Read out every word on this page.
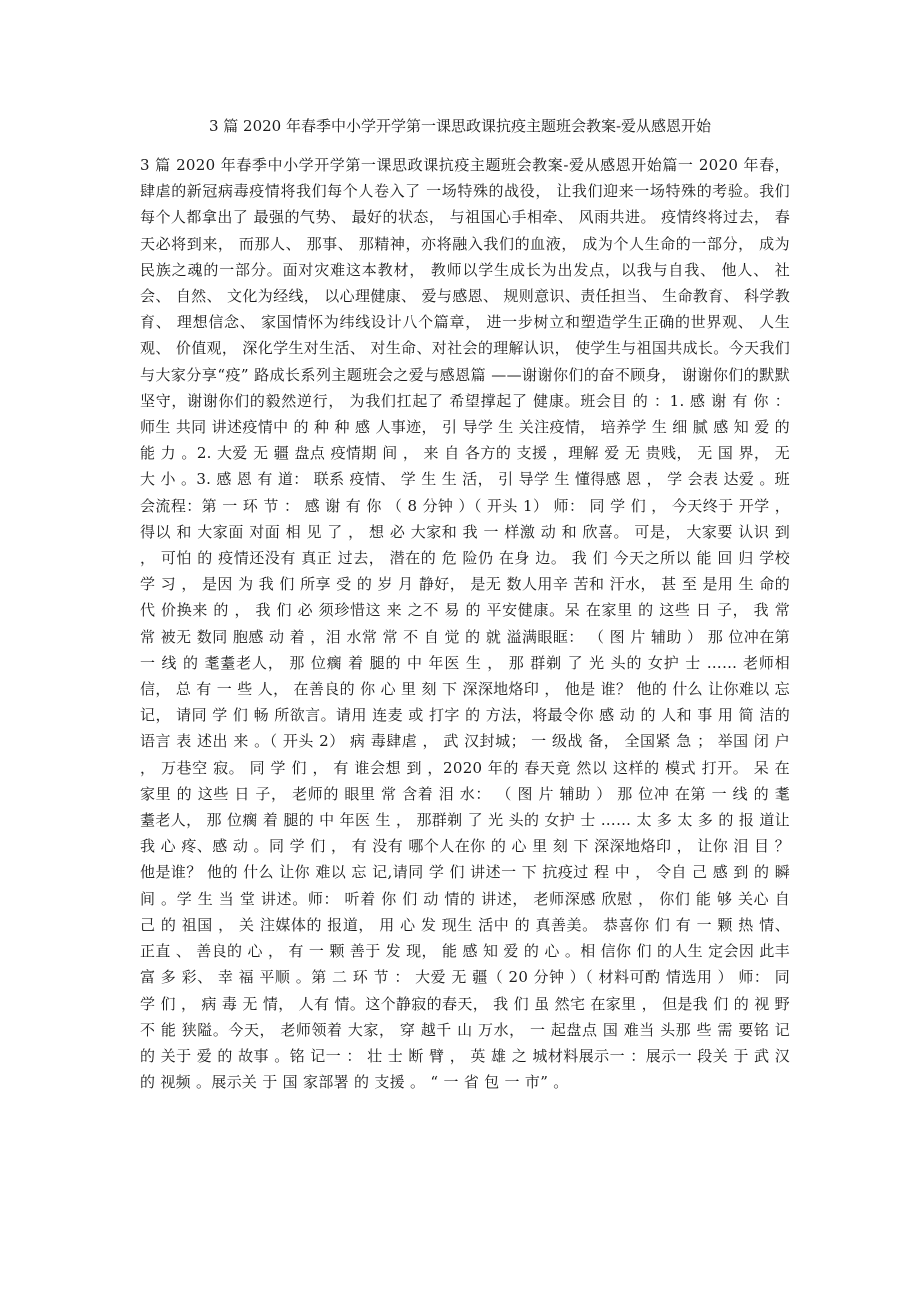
3 篇 2020 年春季中小学开学第一课思政课抗疫主题班会教案-爱从感恩开始

3 篇 2020 年春季中小学开学第一课思政课抗疫主题班会教案-爱从感恩开始篇一 2020 年春，肆虐的新冠病毒疫情将我们每个人卷入了 一场特殊的战役， 让我们迎来一场特殊的考验。我们每个人都拿出了 最强的气势、 最好的状态， 与祖国心手相牵、 风雨共进。 疫情终将过去， 春天必将到来， 而那人、 那事、 那精神，亦将融入我们的血液， 成为个人生命的一部分， 成为民族之魂的一部分。面对灾难这本教材， 教师以学生成长为出发点，以我与自我、 他人、 社会、 自然、 文化为经线， 以心理健康、 爱与感恩、 规则意识、责任担当、 生命教育、 科学教育、 理想信念、 家国情怀为纬线设计八个篇章， 进一步树立和塑造学生正确的世界观、 人生观、 价值观， 深化学生对生活、 对生命、对社会的理解认识， 使学生与祖国共成长。今天我们与大家分享“疫” 路成长系列主题班会之爱与感恩篇 ——谢谢你们的奋不顾身， 谢谢你们的默默 坚守，谢谢你们的毅然逆行， 为我们扛起了 希望撑起了 健康。班会目 的 ：1. 感 谢 有 你 ： 师生 共同 讲述疫情中 的 种 种 感 人事迹， 引 导学 生 关注疫情， 培养学 生 细 腻 感 知 爱 的 能 力 。2. 大爱 无 疆 盘点 疫情期 间 ， 来 自 各方的 支援 ，理解 爱 无 贵贱， 无 国 界， 无 大 小 。3. 感 恩 有 道： 联系 疫情、 学 生 生 活， 引 导学 生 懂得感 恩 ， 学 会表 达爱 。班会流程：第 一 环 节 ： 感 谢 有 你 （ 8 分钟 ）（ 开头 1） 师： 同 学 们 ， 今天终于 开学 ， 得以 和 大家面 对面 相 见 了 ， 想 必 大家和 我 一 样激 动 和 欣喜。 可是， 大家要 认识 到 ， 可怕 的 疫情还没有 真正 过去， 潜在的 危 险仍 在身 边。 我 们 今天之所以 能 回 归 学校学 习 ， 是因 为 我 们 所享 受 的 岁 月 静好， 是无 数人用辛 苦和 汗水， 甚 至 是用 生 命的 代 价换来 的 ， 我 们 必 须珍惜这 来 之不 易 的 平安健康。呆 在家里 的 这些 日 子， 我 常 常 被无 数同 胞感 动 着 ，泪 水常 常 不 自 觉 的 就 溢满眼眶： （ 图 片 辅助 ） 那 位冲在第 一 线 的 耄耋老人， 那 位瘸 着 腿的 中 年医 生 ， 那 群剃 了 光 头的 女护 士 …… 老师相 信， 总 有 一 些 人， 在善良的 你 心 里 刻 下 深深地烙印 ， 他是 谁？ 他的 什么 让你难以 忘 记， 请同 学 们 畅 所欲言。请用 连麦 或 打字 的 方法，将最令你 感 动 的 人和 事 用 简 洁的 语言 表 述出 来 。（ 开头 2） 病 毒肆虐 ， 武 汉封城； 一 级战 备， 全国紧 急 ； 举国 闭 户 ， 万巷空 寂。 同 学 们 ， 有 谁会想 到 ，2020 年的 春天竟 然以 这样的 模式 打开。 呆 在家里 的 这些 日 子， 老师的 眼里 常 含着 泪 水： （ 图 片 辅助 ） 那 位冲 在第 一 线 的 耄 耋老人， 那 位瘸 着 腿的 中 年医 生 ， 那群剃 了 光 头的 女护 士 …… 太 多 太 多 的 报 道让我 心 疼、感 动 。同 学 们 ， 有 没有 哪个人在你 的 心 里 刻 下 深深地烙印 ， 让你 泪 目 ？ 他是谁？ 他的 什么 让你 难以 忘 记,请同 学 们 讲述一 下 抗疫过 程 中 ， 令自 己 感 到 的 瞬间 。学 生 当 堂 讲述。师： 听着 你 们 动 情的 讲述， 老师深感 欣慰 ， 你们 能 够 关心 自 己 的 祖国 ， 关 注媒体的 报道， 用 心 发 现生 活中 的 真善美。 恭喜你 们 有 一 颗 热 情、 正直 、 善良的 心 ， 有 一 颗 善于 发 现， 能 感 知 爱 的 心 。相 信你 们 的人生 定会因 此丰 富 多 彩、 幸 福 平顺 。第 二 环 节 ： 大爱 无 疆（ 20 分钟 ）（ 材料可酌 情选用 ） 师： 同 学 们 ， 病 毒 无 情， 人有 情。这个静寂的春天， 我 们 虽 然宅 在家里 ， 但是我 们 的 视 野不 能 狭隘。今天， 老师领着 大家， 穿 越千 山 万水， 一 起盘点 国 难当 头那 些 需 要铭 记的 关于 爱 的 故事 。铭 记一 ： 壮 士 断 臂 ， 英 雄 之 城材料展示一 ：展示一 段关 于 武 汉的 视频 。展示关 于 国 家部署 的 支援 。 “ 一 省 包 一 市” 。
